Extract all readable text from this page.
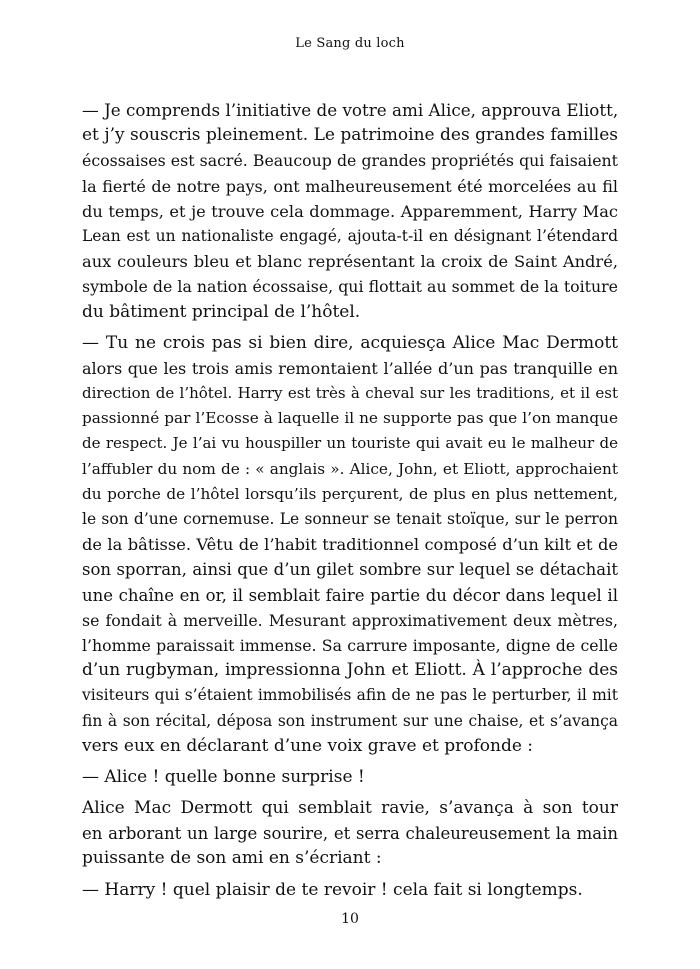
Le Sang du loch
— Je comprends l’initiative de votre ami Alice, approuva Eliott,
et j’y souscris pleinement. Le patrimoine des grandes familles
écossaises est sacré. Beaucoup de grandes propriétés qui faisaient
la fierté de notre pays, ont malheureusement été morcelées au fil
du temps, et je trouve cela dommage. Apparemment, Harry Mac
Lean est un nationaliste engagé, ajouta-t-il en désignant l’étendard
aux couleurs bleu et blanc représentant la croix de Saint André,
symbole de la nation écossaise, qui flottait au sommet de la toiture
du bâtiment principal de l’hôtel.
— Tu ne crois pas si bien dire, acquiesça Alice Mac Dermott
alors que les trois amis remontaient l’allée d’un pas tranquille en
direction de l’hôtel. Harry est très à cheval sur les traditions, et il est
passionné par l’Ecosse à laquelle il ne supporte pas que l’on manque
de respect. Je l’ai vu houspiller un touriste qui avait eu le malheur de
l’affubler du nom de : « anglais ». Alice, John, et Eliott, approchaient
du porche de l’hôtel lorsqu’ils perçurent, de plus en plus nettement,
le son d’une cornemuse. Le sonneur se tenait stoïque, sur le perron
de la bâtisse. Vêtu de l’habit traditionnel composé d’un kilt et de
son sporran, ainsi que d’un gilet sombre sur lequel se détachait
une chaîne en or, il semblait faire partie du décor dans lequel il
se fondait à merveille. Mesurant approximativement deux mètres,
l’homme paraissait immense. Sa carrure imposante, digne de celle
d’un rugbyman, impressionna John et Eliott. À l’approche des
visiteurs qui s’étaient immobilisés afin de ne pas le perturber, il mit
fin à son récital, déposa son instrument sur une chaise, et s’avança
vers eux en déclarant d’une voix grave et profonde :
— Alice ! quelle bonne surprise !
Alice Mac Dermott qui semblait ravie, s’avança à son tour
en arborant un large sourire, et serra chaleureusement la main
puissante de son ami en s’écriant :
— Harry ! quel plaisir de te revoir ! cela fait si longtemps.
10
